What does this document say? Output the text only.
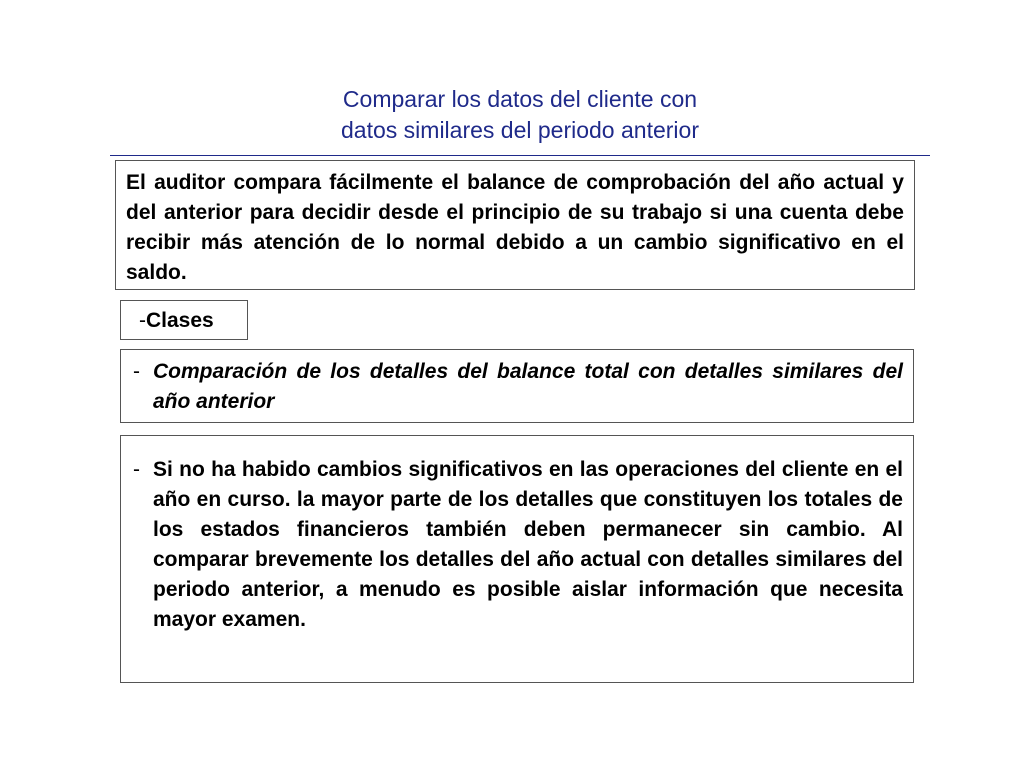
Comparar los datos del cliente con
datos similares del periodo anterior

El auditor compara fácilmente el balance de comprobación del año actual y del anterior para decidir desde el principio de su trabajo si una cuenta debe recibir más atención de lo normal debido a un cambio significativo en el saldo.

-Clases
- Comparación de los detalles del balance total con detalles similares del año anterior
- Si no ha habido cambios significativos en las operaciones del cliente en el año en curso. la mayor parte de los detalles que constituyen los totales de los estados financieros también deben permanecer sin cambio. Al comparar brevemente los detalles del año actual con detalles similares del periodo anterior, a menudo es posible aislar información que necesita mayor examen.
